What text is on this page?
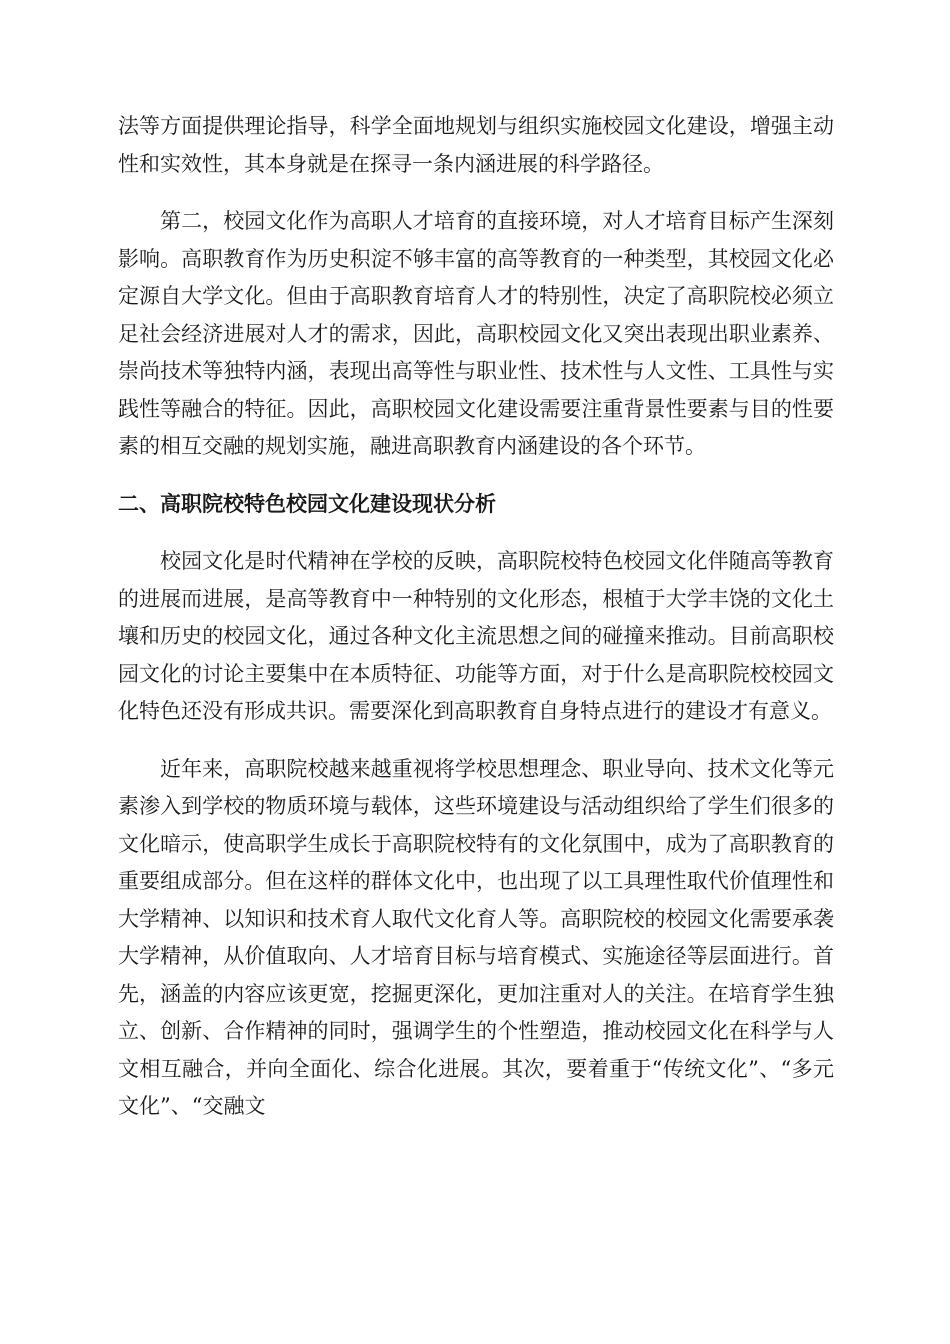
法等方面提供理论指导，科学全面地规划与组织实施校园文化建设，增强主动性和实效性，其本身就是在探寻一条内涵进展的科学路径。

第二，校园文化作为高职人才培育的直接环境，对人才培育目标产生深刻影响。高职教育作为历史积淀不够丰富的高等教育的一种类型，其校园文化必定源自大学文化。但由于高职教育培育人才的特别性，决定了高职院校必须立足社会经济进展对人才的需求，因此，高职校园文化又突出表现出职业素养、崇尚技术等独特内涵，表现出高等性与职业性、技术性与人文性、工具性与实践性等融合的特征。因此，高职校园文化建设需要注重背景性要素与目的性要素的相互交融的规划实施，融进高职教育内涵建设的各个环节。

二、高职院校特色校园文化建设现状分析

校园文化是时代精神在学校的反映，高职院校特色校园文化伴随高等教育的进展而进展，是高等教育中一种特别的文化形态，根植于大学丰饶的文化土壤和历史的校园文化，通过各种文化主流思想之间的碰撞来推动。目前高职校园文化的讨论主要集中在本质特征、功能等方面，对于什么是高职院校校园文化特色还没有形成共识。需要深化到高职教育自身特点进行的建设才有意义。

近年来，高职院校越来越重视将学校思想理念、职业导向、技术文化等元素渗入到学校的物质环境与载体，这些环境建设与活动组织给了学生们很多的文化暗示，使高职学生成长于高职院校特有的文化氛围中，成为了高职教育的重要组成部分。但在这样的群体文化中，也出现了以工具理性取代价值理性和大学精神、以知识和技术育人取代文化育人等。高职院校的校园文化需要承袭大学精神，从价值取向、人才培育目标与培育模式、实施途径等层面进行。首先，涵盖的内容应该更宽，挖掘更深化，更加注重对人的关注。在培育学生独立、创新、合作精神的同时，强调学生的个性塑造，推动校园文化在科学与人文相互融合，并向全面化、综合化进展。其次，要着重于“传统文化”、“多元文化”、“交融文
